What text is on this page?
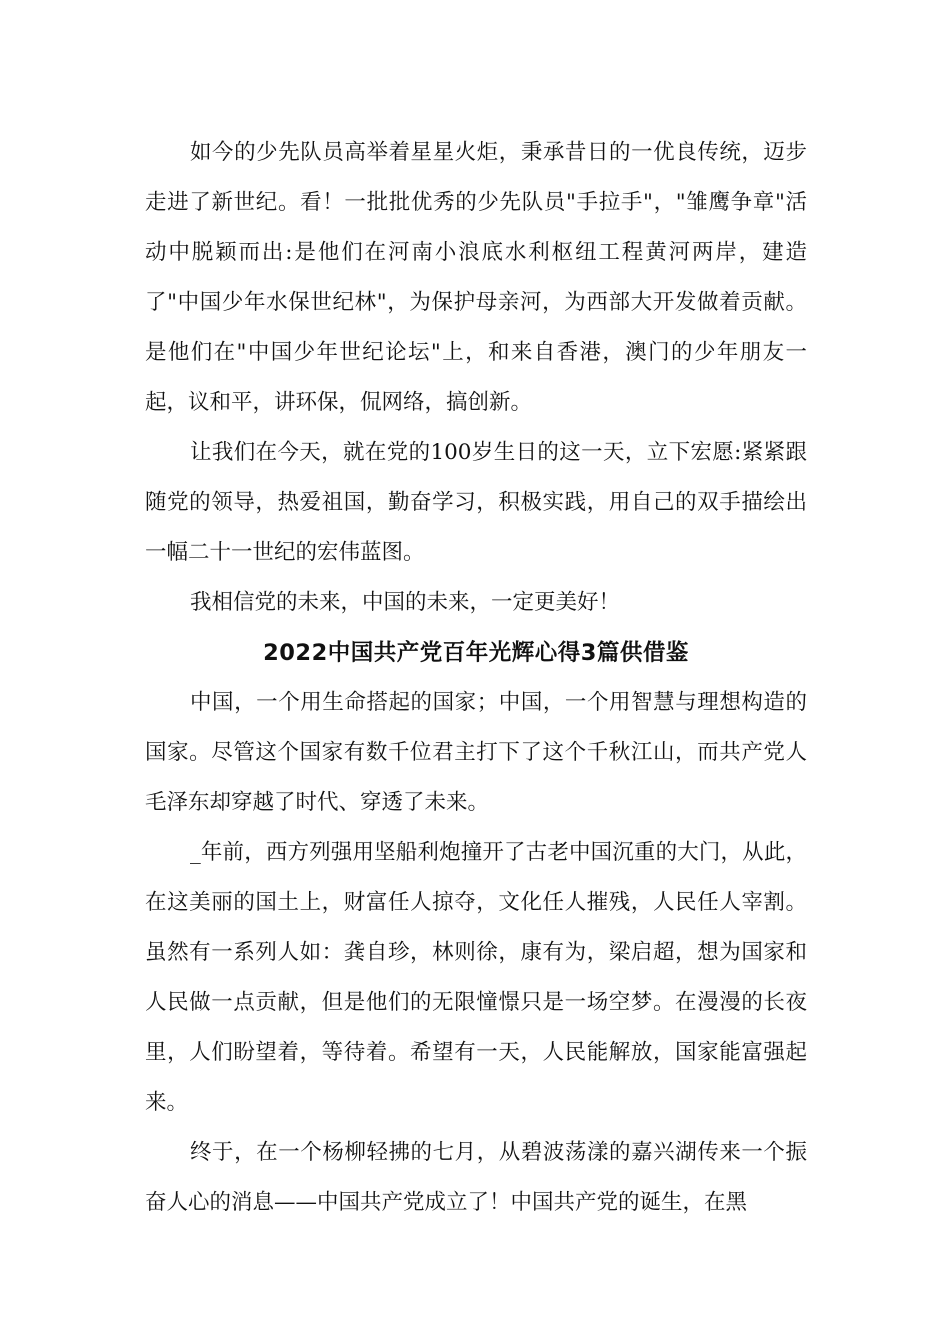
如今的少先队员高举着星星火炬，秉承昔日的一优良传统，迈步走进了新世纪。看！一批批优秀的少先队员"手拉手"，"雏鹰争章"活动中脱颖而出:是他们在河南小浪底水利枢纽工程黄河两岸，建造了"中国少年水保世纪林"，为保护母亲河，为西部大开发做着贡献。是他们在"中国少年世纪论坛"上，和来自香港，澳门的少年朋友一起，议和平，讲环保，侃网络，搞创新。

让我们在今天，就在党的100岁生日的这一天，立下宏愿:紧紧跟随党的领导，热爱祖国，勤奋学习，积极实践，用自己的双手描绘出一幅二十一世纪的宏伟蓝图。

我相信党的未来，中国的未来，一定更美好！

2022中国共产党百年光辉心得3篇供借鉴

中国，一个用生命搭起的国家；中国，一个用智慧与理想构造的国家。尽管这个国家有数千位君主打下了这个千秋江山，而共产党人毛泽东却穿越了时代、穿透了未来。

_年前，西方列强用坚船利炮撞开了古老中国沉重的大门，从此，在这美丽的国土上，财富任人掠夺，文化任人摧残，人民任人宰割。虽然有一系列人如：龚自珍，林则徐，康有为，梁启超，想为国家和人民做一点贡献，但是他们的无限憧憬只是一场空梦。在漫漫的长夜里，人们盼望着，等待着。希望有一天，人民能解放，国家能富强起来。

终于，在一个杨柳轻拂的七月，从碧波荡漾的嘉兴湖传来一个振奋人心的消息——中国共产党成立了！中国共产党的诞生，在黑
